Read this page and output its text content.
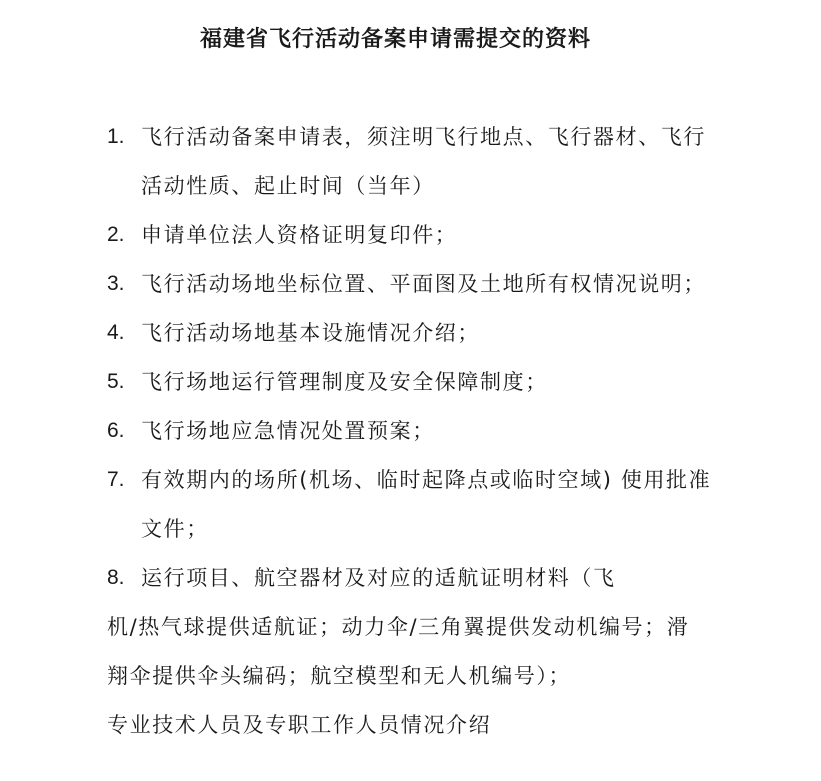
福建省飞行活动备案申请需提交的资料
1. 飞行活动备案申请表，须注明飞行地点、飞行器材、飞行
活动性质、起止时间（当年）
2. 申请单位法人资格证明复印件；
3. 飞行活动场地坐标位置、平面图及土地所有权情况说明；
4. 飞行活动场地基本设施情况介绍；
5. 飞行场地运行管理制度及安全保障制度；
6. 飞行场地应急情况处置预案；
7. 有效期内的场所(机场、临时起降点或临时空域) 使用批准
文件；
8. 运行项目、航空器材及对应的适航证明材料（飞
机/热气球提供适航证；动力伞/三角翼提供发动机编号；滑
翔伞提供伞头编码；航空模型和无人机编号）；
专业技术人员及专职工作人员情况介绍
